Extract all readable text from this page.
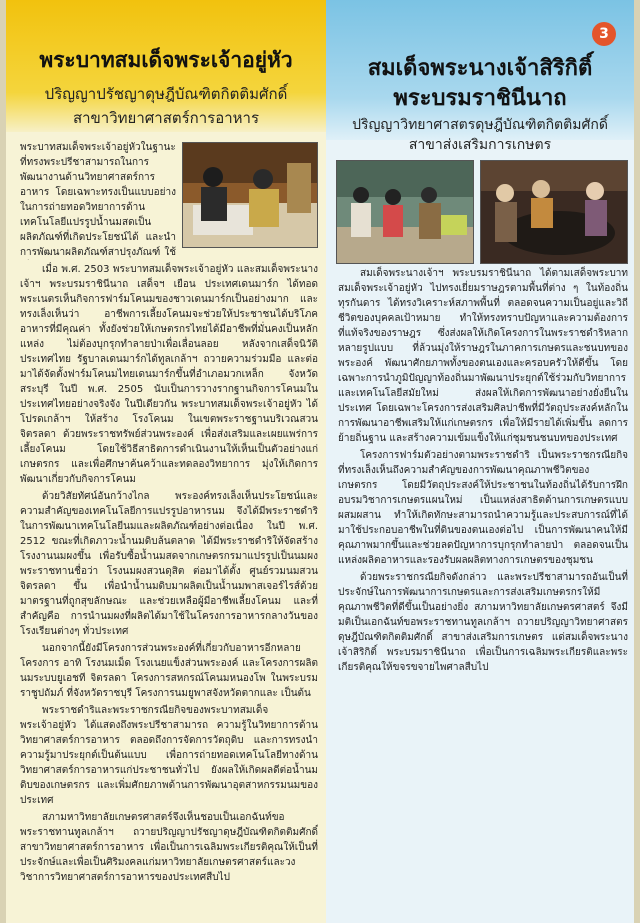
พระบาทสมเด็จพระเจ้าอยู่หัว
ปริญญาปรัชญาดุษฎีบัณฑิตกิตติมศักดิ์
สาขาวิทยาศาสตร์การอาหาร
พระบาทสมเด็จพระเจ้าอยู่หัวในฐานะที่ทรงพระปรีชาสามารถในการพัฒนางานด้านวิทยาศาสตร์การอาหาร โดยเฉพาะทรงเป็นแบบอย่างในการถ่ายทอดวิทยาการด้านเทคโนโลยีแปรรูปน้ำนมสดเป็นผลิตภัณฑ์ที่เกิดประโยชน์ได้ และนำการพัฒนาผลิตภัณฑ์สาปรุงภัณฑ์ ใช้

เมื่อ พ.ศ. 2503 พระบาทสมเด็จพระเจ้าอยู่หัว และสมเด็จพระนางเจ้าฯ พระบรมราชินีนาถ เสด็จฯ เยือน ประเทศเดนมาร์ก ได้ทอดพระเนตรเห็นกิจการฟาร์มโคนมของชาวเดนมาร์กเป็นอย่างมาก และทรงเล็งเห็นว่า อาชีพการเลี้ยงโคนมจะช่วยให้ประชาชนได้บริโภคอาหารที่มีคุณค่า ทั้งยังช่วยให้เกษตรกรไทยได้มีอาชีพที่มั่นคงเป็นหลักแหล่ง ไม่ต้องบุกรุกทำลายป่าเพื่อเลื่อนลอย หลังจากเสด็จนิวัติประเทศไทย รัฐบาลเดนมาร์กได้ทูลเกล้าฯ ถวายความร่วมมือ และต่อมาได้จัดตั้งฟาร์มโคนมไทยเดนมาร์กขึ้นที่อำเภอมวกเหล็ก จังหวัดสระบุรี ในปี พ.ศ. 2505 นับเป็นการวางรากฐานกิจการโคนมในประเทศไทยอย่างจริงจัง ในปีเดียวกัน พระบาทสมเด็จพระเจ้าอยู่หัว ได้โปรดเกล้าฯ ให้สร้าง โรงโคนม ในเขตพระราชฐานบริเวณสวนจิตรลดา ด้วยพระราชทรัพย์ส่วนพระองค์ เพื่อส่งเสริมและเผยแพร่การเลี้ยงโคนม โดยใช้วิธีสาธิตการดำเนินงานให้เห็นเป็นตัวอย่างแก่เกษตรกร และเพื่อศึกษาค้นคว้าและทดลองวิทยาการ มุ่งให้เกิดการพัฒนาเกี่ยวกับกิจการโคนม

ด้วยวิสัยทัศน์อันกว้างไกล พระองค์ทรงเล็งเห็นประโยชน์และความสำคัญของเทคโนโลยีการแปรรูปอาหารนม จึงได้มีพระราชดำริในการพัฒนาเทคโนโลยีนมและผลิตภัณฑ์อย่างต่อเนื่อง ในปี พ.ศ. 2512 ขณะที่เกิดภาวะน้ำนมดิบล้นตลาด ได้มีพระราชดำริให้จัดสร้างโรงงานนมผงขึ้น เพื่อรับซื้อน้ำนมสดจากเกษตรกรมาแปรรูปเป็นนมผง พระราชทานชื่อว่า โรงนมผงสวนดุสิต ต่อมาได้ตั้ง ศูนย์รวมนมสวนจิตรลดา ขึ้น เพื่อนำน้ำนมดิบมาผลิตเป็นน้ำนมพาสเจอร์ไรส์ด้วยมาตรฐานที่ถูกสุขลักษณะ และช่วยเหลือผู้มีอาชีพเลี้ยงโคนม และที่สำคัญคือ การนำนมผงที่ผลิตได้มาใช้ในโครงการอาหารกลางวันของโรงเรียนต่างๆ ทั่วประเทศ

นอกจากนี้ยังมีโครงการส่วนพระองค์ที่เกี่ยวกับอาหารอีกหลายโครงการ อาทิ โรงนมเม็ด โรงเนยแข็งส่วนพระองค์ และโครงการผลิตนมระบบยูเอชที จิตรลดา โครงการสหกรณ์โคนมหนองโพ ในพระบรมราชูปถัมภ์ ที่จังหวัดราชบุรี โครงการนมยูพาสจังหวัดตากและ เป็นต้น

พระราชดำริและพระราชกรณียกิจของพระบาทสมเด็จพระเจ้าอยู่หัว ได้แสดงถึงพระปรีชาสามารถ ความรู้ในวิทยาการด้านวิทยาศาสตร์การอาหาร ตลอดถึงการจัดการวัตถุดิบ และการทรงนำความรู้มาประยุกต์เป็นต้นแบบ เพื่อการถ่ายทอดเทคโนโลยีทางด้านวิทยาศาสตร์การอาหารแก่ประชาชนทั่วไป ยังผลให้เกิดผลดีต่อน้ำนมดิบของเกษตรกร และเพิ่มศักยภาพด้านการพัฒนาอุตสาหกรรมนมของประเทศ

สภามหาวิทยาลัยเกษตรศาสตร์จึงเห็นชอบเป็นเอกฉันท์ขอพระราชทานทูลเกล้าฯ ถวายปริญญาปรัชญาดุษฎีบัณฑิตกิตติมศักดิ์ สาขาวิทยาศาสตร์การอาหาร เพื่อเป็นการเฉลิมพระเกียรติคุณให้เป็นที่ประจักษ์และเพื่อเป็นศิริมงคลแก่มหาวิทยาลัยเกษตรศาสตร์และวงวิชาการวิทยาศาสตร์การอาหารของประเทศสืบไป

สมเด็จพระนางเจ้าสิริกิติ์
พระบรมราชินีนาถ
ปริญญาวิทยาศาสตรดุษฎีบัณฑิตกิตติมศักดิ์
สาขาส่งเสริมการเกษตร

สมเด็จพระนางเจ้าฯ พระบรมราชินีนาถ ได้ตามเสด็จพระบาทสมเด็จพระเจ้าอยู่หัว ไปทรงเยี่ยมราษฎรตามพื้นที่ต่าง ๆ ในท้องถิ่นทุรกันดาร ได้ทรงวิเคราะห์สภาพพื้นที่ ตลอดจนความเป็นอยู่และวิถีชีวิตของบุคคลเป้าหมาย ทำให้ทรงทราบปัญหาและความต้องการที่แท้จริงของราษฎร ซึ่งส่งผลให้เกิดโครงการในพระราชดำริหลากหลายรูปแบบ ที่ล้วนมุ่งให้ราษฎรในภาคการเกษตรและชนบทของพระองค์ พัฒนาศักยภาพทั้งของตนเองและครอบครัวให้ดีขึ้น โดยเฉพาะการนำภูมิปัญญาท้องถิ่นมาพัฒนาประยุกต์ใช้ร่วมกับวิทยาการและเทคโนโลยีสมัยใหม่ ส่งผลให้เกิดการพัฒนาอย่างยั่งยืนในประเทศ โดยเฉพาะโครงการส่งเสริมศิลปาชีพที่มีวัตถุประสงค์หลักในการพัฒนาอาชีพเสริมให้แก่เกษตรกร เพื่อให้มีรายได้เพิ่มขึ้น ลดการย้ายถิ่นฐาน และสร้างความเข้มแข็งให้แก่ชุมชนชนบทของประเทศ

โครงการฟาร์มตัวอย่างตามพระราชดำริ เป็นพระราชกรณียกิจที่ทรงเล็งเห็นถึงความสำคัญของการพัฒนาคุณภาพชีวิตของเกษตรกร โดยมีวัตถุประสงค์ให้ประชาชนในท้องถิ่นได้รับการฝึกอบรมวิชาการเกษตรแผนใหม่ เป็นแหล่งสาธิตด้านการเกษตรแบบผสมผสาน ทำให้เกิดทักษะสามารถนำความรู้และประสบการณ์ที่ได้มาใช้ประกอบอาชีพในที่ดินของตนเองต่อไป เป็นการพัฒนาคนให้มีคุณภาพมากขึ้นและช่วยลดปัญหาการบุกรุกทำลายป่า ตลอดจนเป็นแหล่งผลิตอาหารและรองรับผลผลิตทางการเกษตรของชุมชน

ด้วยพระราชกรณียกิจดังกล่าว และพระปรีชาสามารถอันเป็นที่ประจักษ์ในการพัฒนาการเกษตรและการส่งเสริมเกษตรกรให้มีคุณภาพชีวิตที่ดีขึ้นเป็นอย่างยิ่ง สภามหาวิทยาลัยเกษตรศาสตร์ จึงมีมติเป็นเอกฉันท์ขอพระราชทานทูลเกล้าฯ ถวายปริญญาวิทยาศาสตรดุษฎีบัณฑิตกิตติมศักดิ์ สาขาส่งเสริมการเกษตร แด่สมเด็จพระนางเจ้าสิริกิติ์ พระบรมราชินีนาถ เพื่อเป็นการเฉลิมพระเกียรติและพระเกียรติคุณให้ขจรขจายไพศาลสืบไป

3
